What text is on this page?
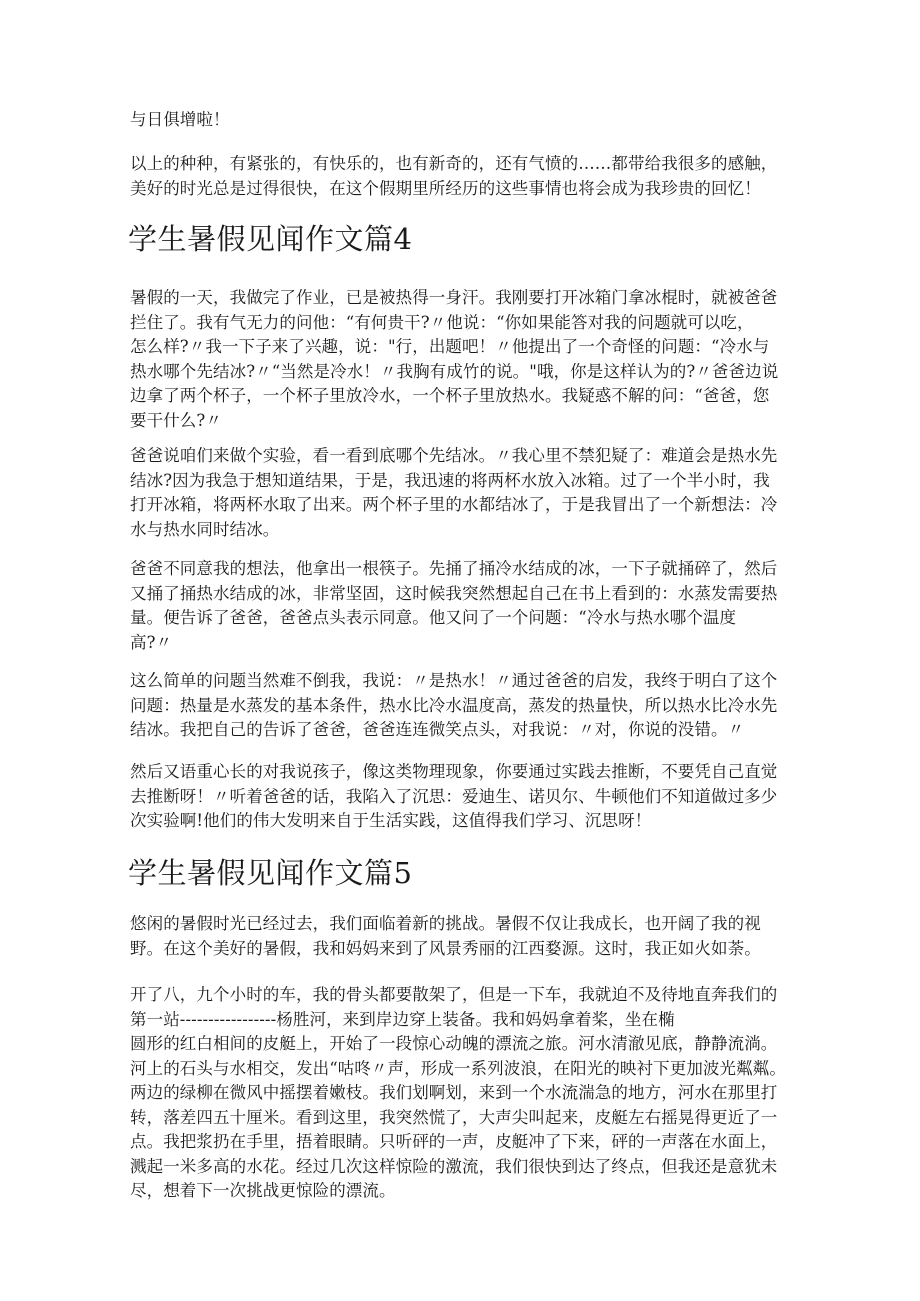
与日俱增啦！

以上的种种，有紧张的，有快乐的，也有新奇的，还有气愤的……都带给我很多的感触，
美好的时光总是过得很快，在这个假期里所经历的这些事情也将会成为我珍贵的回忆！

学生暑假见闻作文篇4

暑假的一天，我做完了作业，已是被热得一身汗。我刚要打开冰箱门拿冰棍时，就被爸爸
拦住了。我有气无力的问他：“有何贵干?〃他说：“你如果能答对我的问题就可以吃，
怎么样?〃我一下子来了兴趣，说："行，出题吧！〃他提出了一个奇怪的问题：“冷水与
热水哪个先结冰?〃“当然是冷水！〃我胸有成竹的说。"哦，你是这样认为的?〃爸爸边说
边拿了两个杯子，一个杯子里放冷水，一个杯子里放热水。我疑惑不解的问：“爸爸，您
要干什么?〃

爸爸说咱们来做个实验，看一看到底哪个先结冰。〃我心里不禁犯疑了：难道会是热水先
结冰?因为我急于想知道结果，于是，我迅速的将两杯水放入冰箱。过了一个半小时，我
打开冰箱，将两杯水取了出来。两个杯子里的水都结冰了，于是我冒出了一个新想法：冷
水与热水同时结冰。

爸爸不同意我的想法，他拿出一根筷子。先捅了捅冷水结成的冰，一下子就捅碎了，然后
又捅了捅热水结成的冰，非常坚固，这时候我突然想起自己在书上看到的：水蒸发需要热
量。便告诉了爸爸，爸爸点头表示同意。他又问了一个问题：“冷水与热水哪个温度
高?〃

这么简单的问题当然难不倒我，我说：〃是热水！〃通过爸爸的启发，我终于明白了这个
问题：热量是水蒸发的基本条件，热水比冷水温度高，蒸发的热量快，所以热水比冷水先
结冰。我把自己的告诉了爸爸，爸爸连连微笑点头，对我说：〃对，你说的没错。〃

然后又语重心长的对我说孩子，像这类物理现象，你要通过实践去推断，不要凭自己直觉
去推断呀！〃听着爸爸的话，我陷入了沉思：爱迪生、诺贝尔、牛顿他们不知道做过多少
次实验啊!他们的伟大发明来自于生活实践，这值得我们学习、沉思呀！

学生暑假见闻作文篇5

悠闲的暑假时光已经过去，我们面临着新的挑战。暑假不仅让我成长，也开阔了我的视
野。在这个美好的暑假，我和妈妈来到了风景秀丽的江西婺源。这时，我正如火如荼。

开了八，九个小时的车，我的骨头都要散架了，但是一下车，我就迫不及待地直奔我们的
第一站-----------------杨胜河，来到岸边穿上装备。我和妈妈拿着桨，坐在椭
圆形的红白相间的皮艇上，开始了一段惊心动魄的漂流之旅。河水清澈见底，静静流淌。
河上的石头与水相交，发出“咕咚〃声，形成一系列波浪，在阳光的映衬下更加波光粼粼。
两边的绿柳在微风中摇摆着嫩枝。我们划啊划，来到一个水流湍急的地方，河水在那里打
转，落差四五十厘米。看到这里，我突然慌了，大声尖叫起来，皮艇左右摇晃得更近了一
点。我把浆扔在手里，捂着眼睛。只听砰的一声，皮艇冲了下来，砰的一声落在水面上，
溅起一米多高的水花。经过几次这样惊险的激流，我们很快到达了终点，但我还是意犹未
尽，想着下一次挑战更惊险的漂流。
